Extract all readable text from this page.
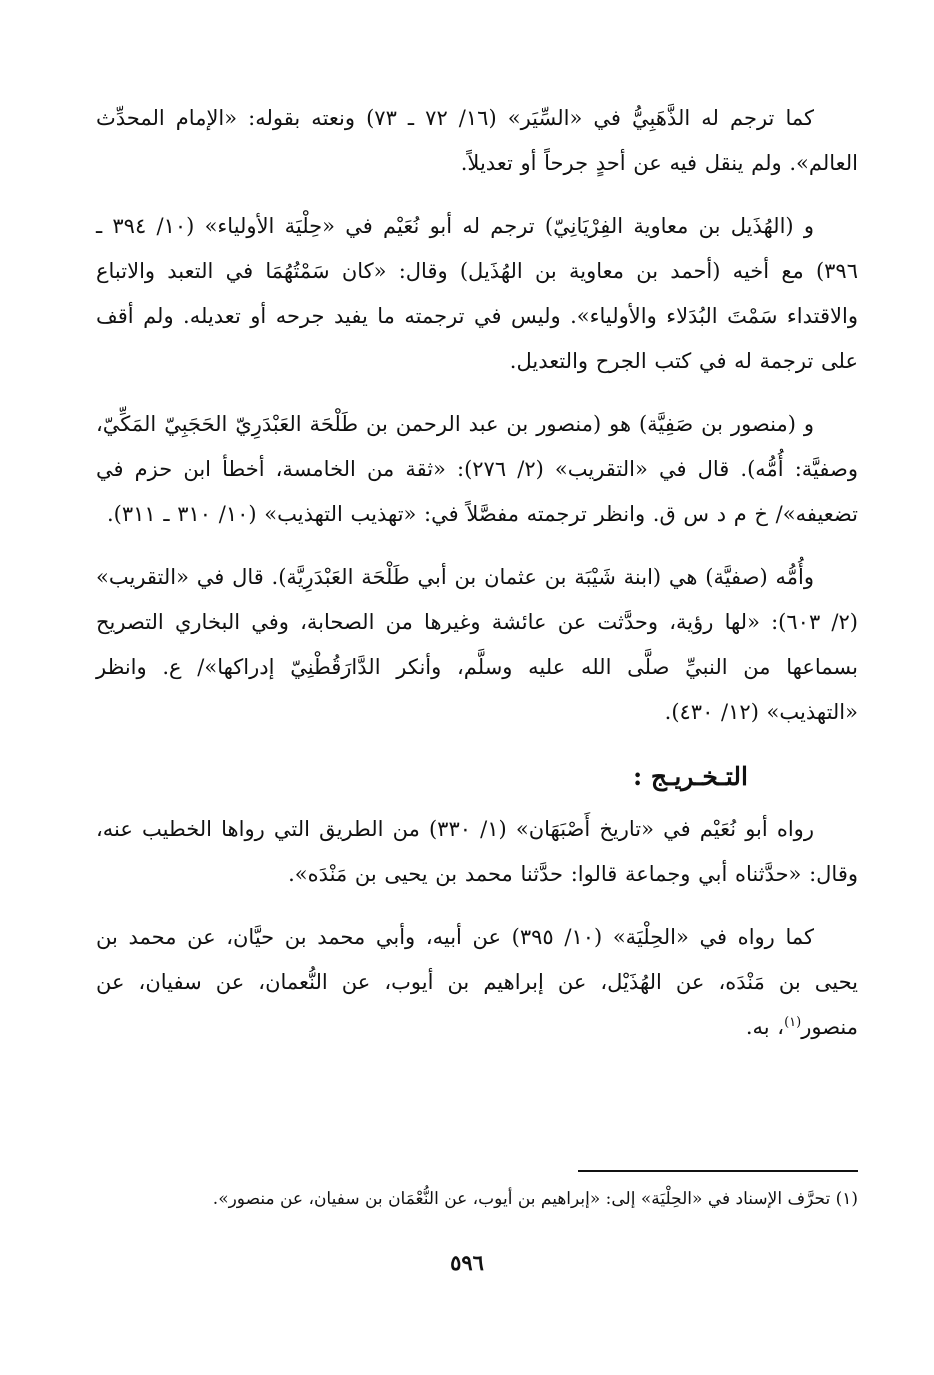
كما ترجم له الذَّهَبِيُّ في «السِّيَر» (١٦/ ٧٢ ـ ٧٣) ونعته بقوله: «الإمام المحدِّث العالم». ولم ينقل فيه عن أحدٍ جرحاً أو تعديلاً.

و (الهُذَيل بن معاوية الفِرْيَانِيّ) ترجم له أبو نُعَيْم في «حِلْيَة الأولياء» (١٠/ ٣٩٤ ـ ٣٩٦) مع أخيه (أحمد بن معاوية بن الهُذَيل) وقال: «كان سَمْتُهُمَا في التعبد والاتباع والاقتداء سَمْتَ البُدَلاء والأولياء». وليس في ترجمته ما يفيد جرحه أو تعديله. ولم أقف على ترجمة له في كتب الجرح والتعديل.

و (منصور بن صَفِيَّة) هو (منصور بن عبد الرحمن بن طَلْحَة العَبْدَرِيّ الحَجَبِيّ المَكِّيّ، وصفيَّة: أُمُّه). قال في «التقريب» (٢/ ٢٧٦): «ثقة من الخامسة، أخطأ ابن حزم في تضعيفه»/ خ م د س ق. وانظر ترجمته مفصَّلاً في: «تهذيب التهذيب» (١٠/ ٣١٠ ـ ٣١١).

وأُمُّه (صفيَّة) هي (ابنة شَيْبَة بن عثمان بن أبي طَلْحَة العَبْدَرِيَّة). قال في «التقريب» (٢/ ٦٠٣): «لها رؤية، وحدَّثت عن عائشة وغيرها من الصحابة، وفي البخاري التصريح بسماعها من النبيِّ صلَّى الله عليه وسلَّم، وأنكر الدَّارَقُطْنِيّ إدراكها»/ ع. وانظر «التهذيب» (١٢/ ٤٣٠).

التـخـريـج :

رواه أبو نُعَيْم في «تاريخ أَصْبَهَان» (١/ ٣٣٠) من الطريق التي رواها الخطيب عنه، وقال: «حدَّثناه أبي وجماعة قالوا: حدَّثنا محمد بن يحيى بن مَنْدَه».

كما رواه في «الحِلْيَة» (١٠/ ٣٩٥) عن أبيه، وأبي محمد بن حيَّان، عن محمد بن يحيى بن مَنْدَه، عن الهُذَيْل، عن إبراهيم بن أيوب، عن النُّعمان، عن سفيان، عن منصور$^{(١)}$، به.

(١) تحرَّف الإسناد في «الحِلْيَة» إلى: «إبراهيم بن أيوب، عن النُّعْمَان بن سفيان، عن منصور».
٥٩٦
